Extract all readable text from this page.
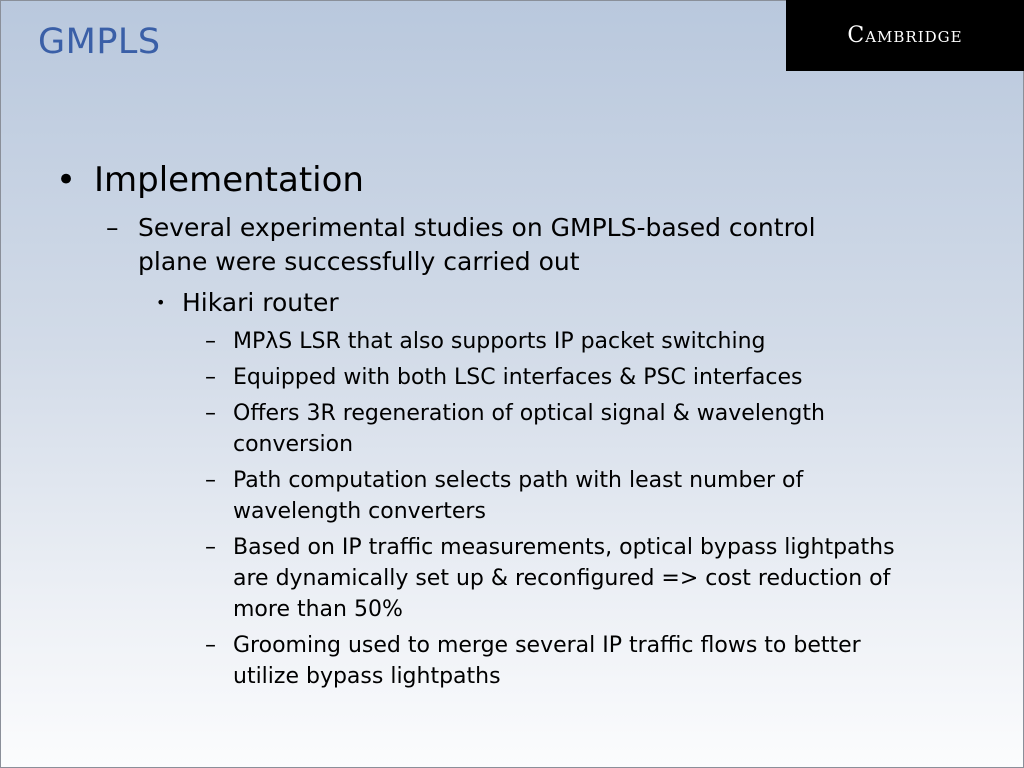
GMPLS	Cambridge
• Implementation
– Several experimental studies on GMPLS-based control plane were successfully carried out
• Hikari router
– MPλS LSR that also supports IP packet switching
– Equipped with both LSC interfaces & PSC interfaces
– Offers 3R regeneration of optical signal & wavelength conversion
– Path computation selects path with least number of wavelength converters
– Based on IP traffic measurements, optical bypass lightpaths are dynamically set up & reconfigured => cost reduction of more than 50%
– Grooming used to merge several IP traffic flows to better utilize bypass lightpaths
